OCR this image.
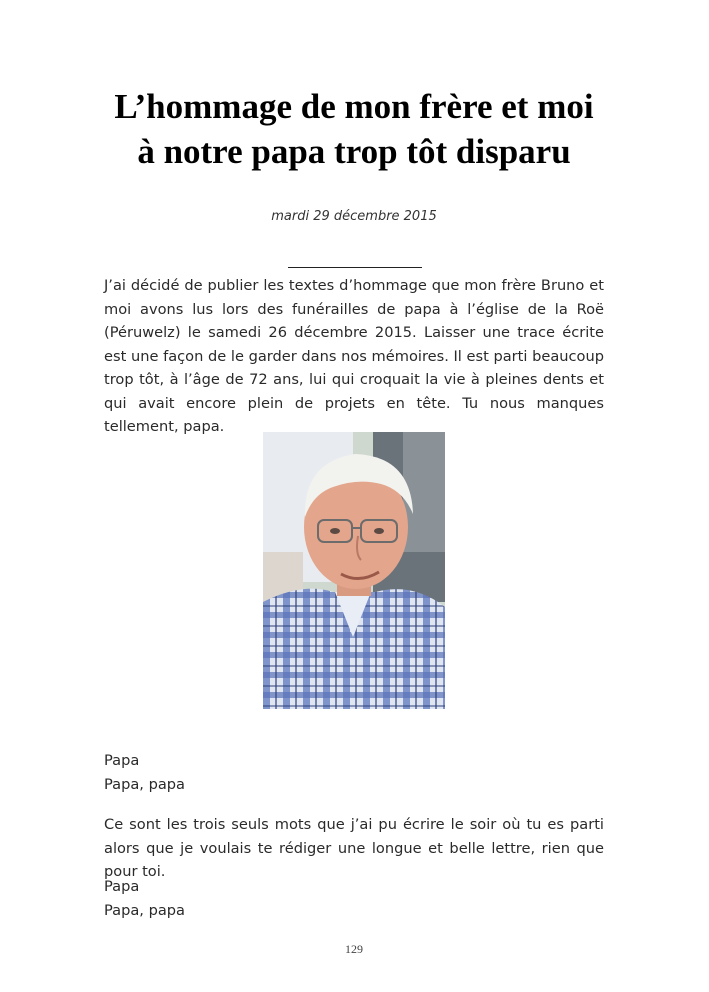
L’hommage de mon frère et moi à notre papa trop tôt disparu
mardi 29 décembre 2015

J’ai décidé de publier les textes d’hommage que mon frère Bruno et moi avons lus lors des funérailles de papa à l’église de la Roë (Péruwelz) le samedi 26 décembre 2015. Laisser une trace écrite est une façon de le garder dans nos mémoires. Il est parti beaucoup trop tôt, à l’âge de 72 ans, lui qui croquait la vie à pleines dents et qui avait encore plein de projets en tête. Tu nous manques tellement, papa.

Papa
Papa, papa

Ce sont les trois seuls mots que j’ai pu écrire le soir où tu es parti alors que je voulais te rédiger une longue et belle lettre, rien que pour toi.

Papa
Papa, papa
129
